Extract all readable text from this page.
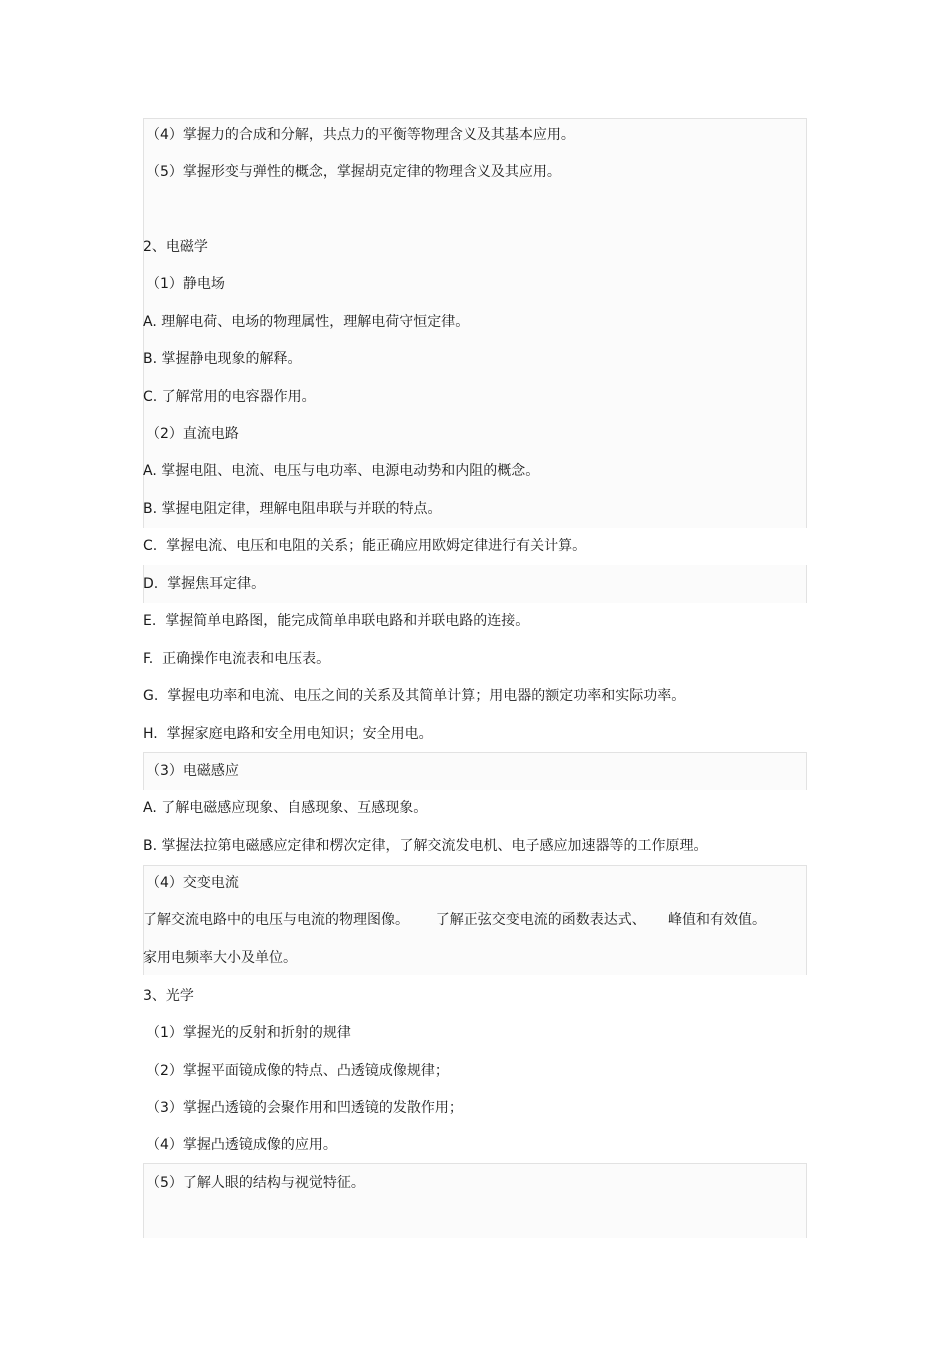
（4）掌握力的合成和分解，共点力的平衡等物理含义及其基本应用。
（5）掌握形变与弹性的概念，掌握胡克定律的物理含义及其应用。
2、电磁学
（1）静电场
A. 理解电荷、电场的物理属性，理解电荷守恒定律。
B. 掌握静电现象的解释。
C. 了解常用的电容器作用。
（2）直流电路
A. 掌握电阻、电流、电压与电功率、电源电动势和内阻的概念。
B. 掌握电阻定律，理解电阻串联与并联的特点。
C.  掌握电流、电压和电阻的关系；能正确应用欧姆定律进行有关计算。
D.  掌握焦耳定律。
E.  掌握简单电路图，能完成简单串联电路和并联电路的连接。
F.  正确操作电流表和电压表。
G.  掌握电功率和电流、电压之间的关系及其简单计算；用电器的额定功率和实际功率。
H.  掌握家庭电路和安全用电知识；安全用电。
（3）电磁感应
A. 了解电磁感应现象、自感现象、互感现象。
B. 掌握法拉第电磁感应定律和楞次定律，了解交流发电机、电子感应加速器等的工作原理。
（4）交变电流
了解交流电路中的电压与电流的物理图像。      了解正弦交变电流的函数表达式、     峰值和有效值。
家用电频率大小及单位。
3、光学
（1）掌握光的反射和折射的规律
（2）掌握平面镜成像的特点、凸透镜成像规律；
（3）掌握凸透镜的会聚作用和凹透镜的发散作用；
（4）掌握凸透镜成像的应用。
（5）了解人眼的结构与视觉特征。
